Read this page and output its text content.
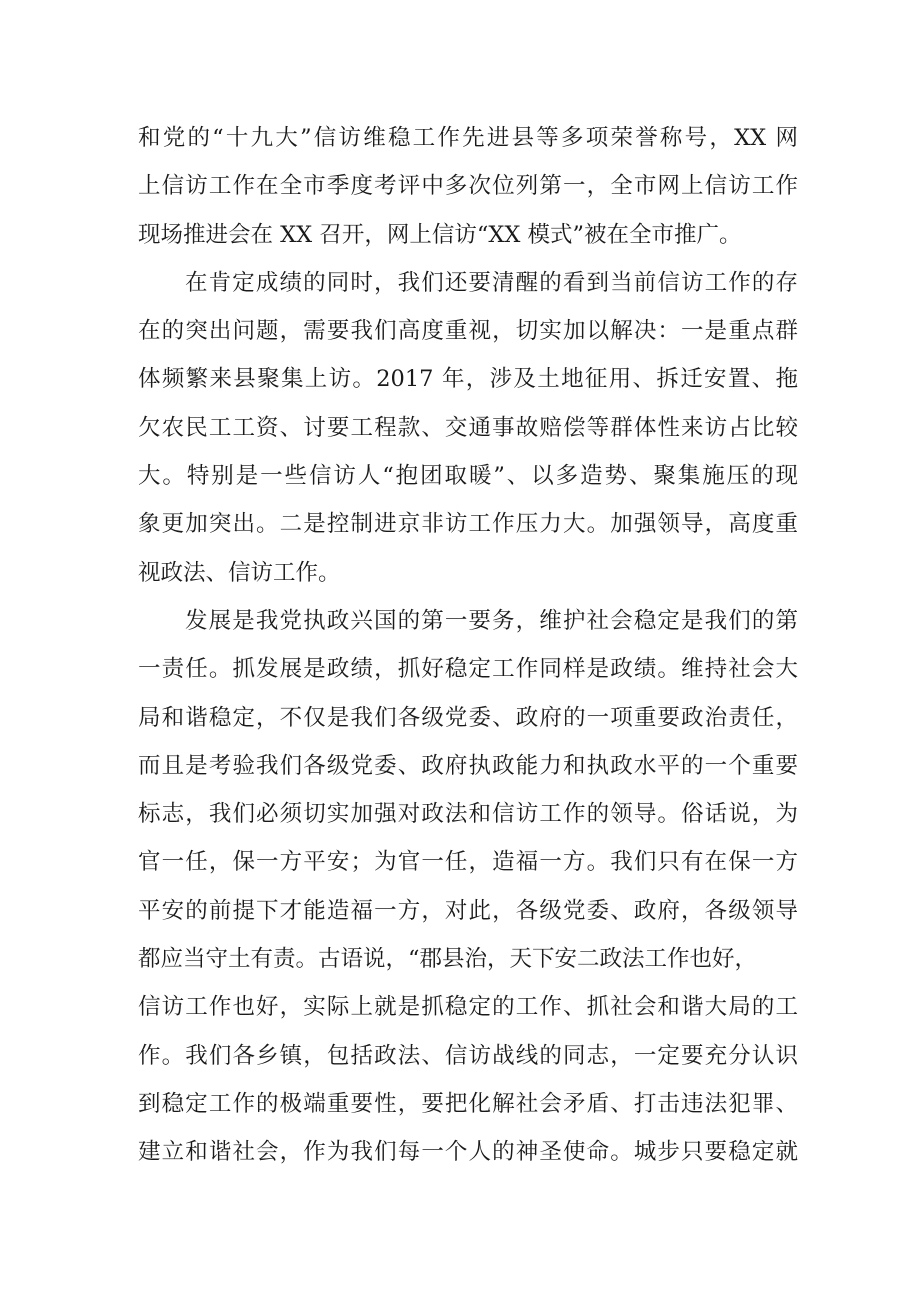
和党的“十九大”信访维稳工作先进县等多项荣誉称号，XX 网
上信访工作在全市季度考评中多次位列第一，全市网上信访工作
现场推进会在 XX 召开，网上信访“XX 模式”被在全市推广。
在肯定成绩的同时，我们还要清醒的看到当前信访工作的存
在的突出问题，需要我们高度重视，切实加以解决：一是重点群
体频繁来县聚集上访。2017 年，涉及土地征用、拆迁安置、拖
欠农民工工资、讨要工程款、交通事故赔偿等群体性来访占比较
大。特别是一些信访人“抱团取暖”、以多造势、聚集施压的现
象更加突出。二是控制进京非访工作压力大。加强领导，高度重
视政法、信访工作。
发展是我党执政兴国的第一要务，维护社会稳定是我们的第
一责任。抓发展是政绩，抓好稳定工作同样是政绩。维持社会大
局和谐稳定，不仅是我们各级党委、政府的一项重要政治责任，
而且是考验我们各级党委、政府执政能力和执政水平的一个重要
标志，我们必须切实加强对政法和信访工作的领导。俗话说，为
官一任，保一方平安；为官一任，造福一方。我们只有在保一方
平安的前提下才能造福一方，对此，各级党委、政府，各级领导
都应当守土有责。古语说，“郡县治，天下安二政法工作也好，
信访工作也好，实际上就是抓稳定的工作、抓社会和谐大局的工
作。我们各乡镇，包括政法、信访战线的同志，一定要充分认识
到稳定工作的极端重要性，要把化解社会矛盾、打击违法犯罪、
建立和谐社会，作为我们每一个人的神圣使命。城步只要稳定就
